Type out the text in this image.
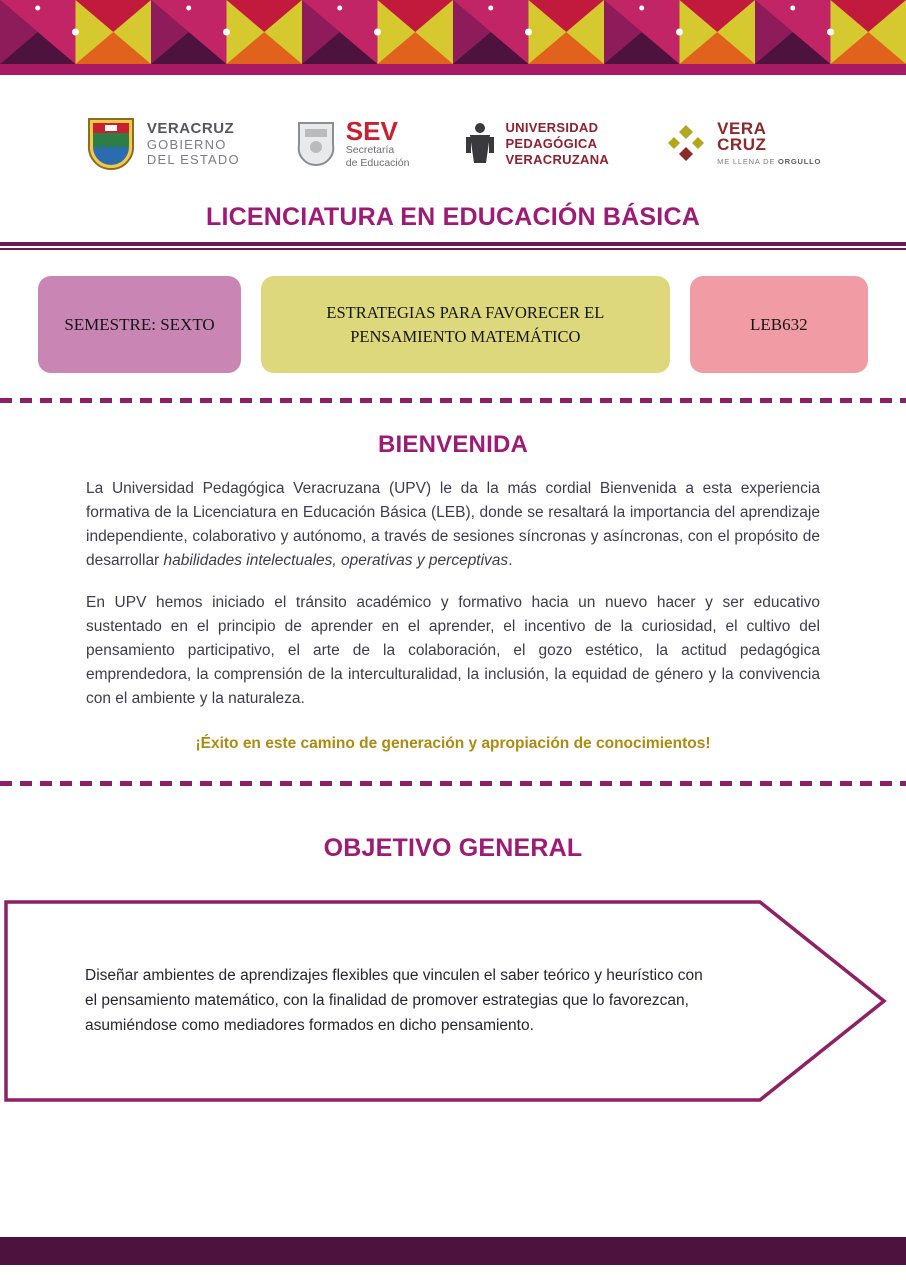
VERACRUZ
GOBIERNO
DEL ESTADO
SEV
Secretaría
de Educación
UNIVERSIDAD
PEDAGÓGICA
VERACRUZANA
VERA
CRUZ
ME LLENA DE ORGULLO
LICENCIATURA EN EDUCACIÓN BÁSICA
SEMESTRE: SEXTO
ESTRATEGIAS PARA FAVORECER EL PENSAMIENTO MATEMÁTICO
LEB632
BIENVENIDA

La Universidad Pedagógica Veracruzana (UPV) le da la más cordial Bienvenida a esta experiencia formativa de la Licenciatura en Educación Básica (LEB), donde se resaltará la importancia del aprendizaje independiente, colaborativo y autónomo, a través de sesiones síncronas y asíncronas, con el propósito de desarrollar habilidades intelectuales, operativas y perceptivas.

En UPV hemos iniciado el tránsito académico y formativo hacia un nuevo hacer y ser educativo sustentado en el principio de aprender en el aprender, el incentivo de la curiosidad, el cultivo del pensamiento participativo, el arte de la colaboración, el gozo estético, la actitud pedagógica emprendedora, la comprensión de la interculturalidad, la inclusión, la equidad de género y la convivencia con el ambiente y la naturaleza.

¡Éxito en este camino de generación y apropiación de conocimientos!
OBJETIVO GENERAL
Diseñar ambientes de aprendizajes flexibles que vinculen el saber teórico y heurístico con el pensamiento matemático, con la finalidad de promover estrategias que lo favorezcan, asumiéndose como mediadores formados en dicho pensamiento.
